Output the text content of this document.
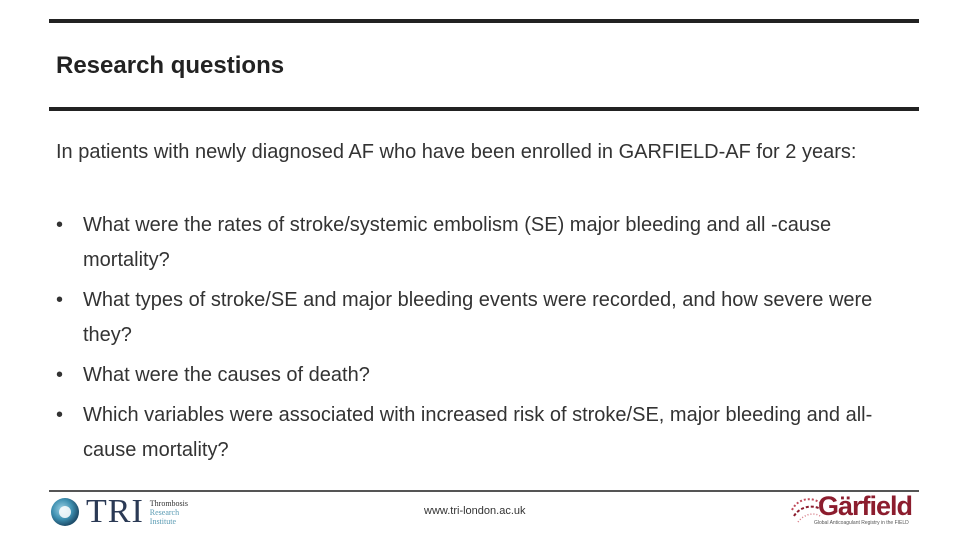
Research questions
In patients with newly diagnosed AF who have been enrolled in GARFIELD-AF for 2 years:
• What were the rates of stroke/systemic embolism (SE) major bleeding and all -cause mortality?
• What types of stroke/SE and major bleeding events were recorded, and how severe were they?
• What were the causes of death?
• Which variables were associated with increased risk of stroke/SE, major bleeding and all-cause mortality?
TRI Thrombosis
Research
Institute
www.tri-london.ac.uk	Gärfield
Global Anticoagulant Registry in the FIELD
